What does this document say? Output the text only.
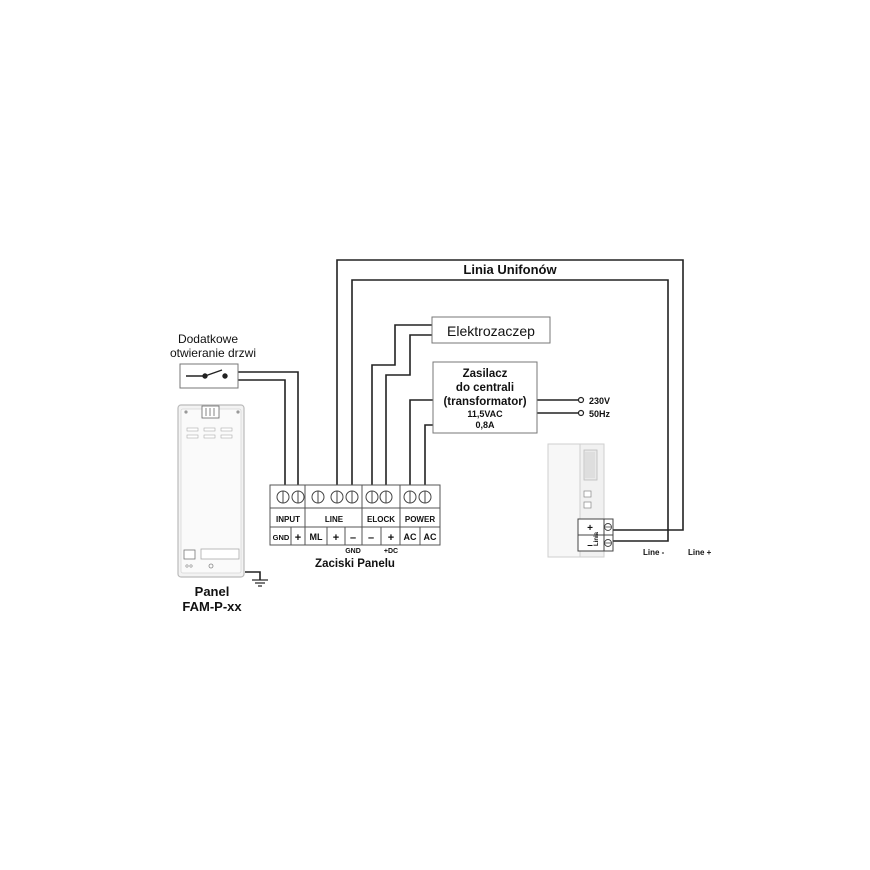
230V
50Hz
Linia Unifonów
Elektrozaczep
Zasilacz
do centrali
(transformator)
11,5VAC
0,8A
Dodatkowe
otwieranie drzwi
Panel
FAM-P-xx
INPUT	LINE	ELOCK POWER
GND + ML + – – + AC AC
GND	+DC
Zaciski Panelu
+
– Linia
Line -	Line +
